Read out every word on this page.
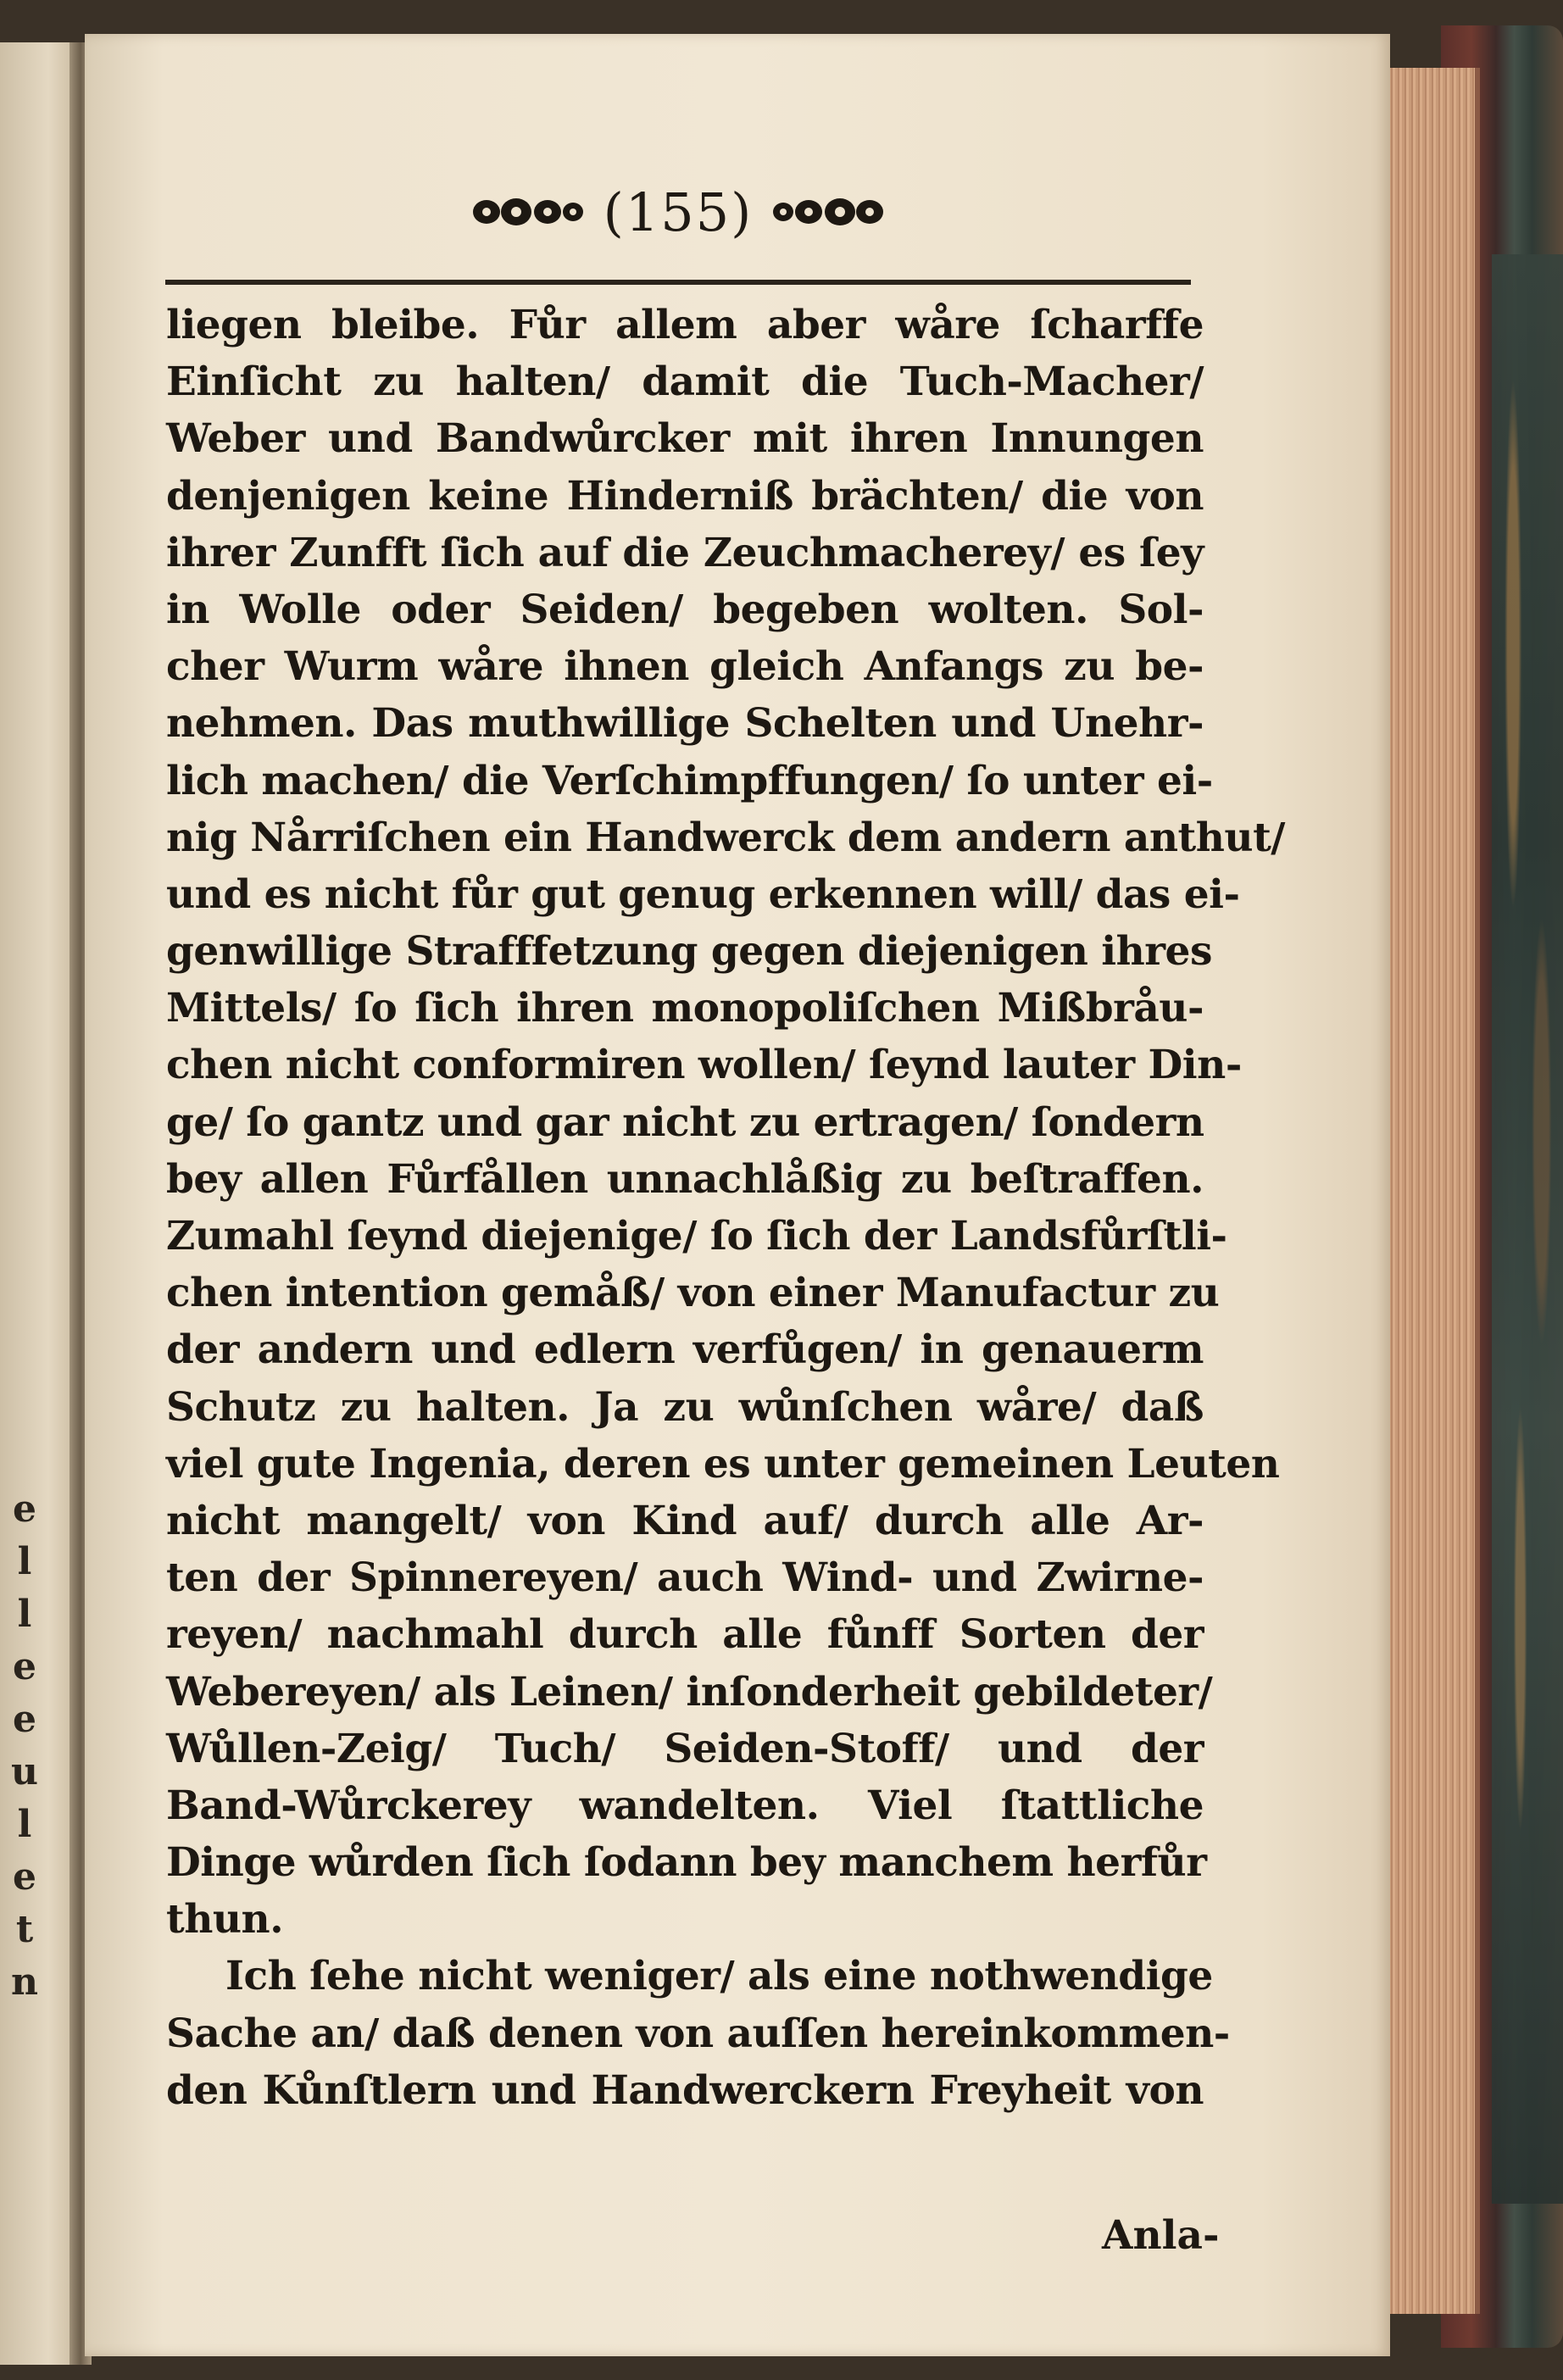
e
l
l
e
e
u
l
e
t
n
(155)
liegen bleibe. Fůr allem aber wåre ſcharffe
Einſicht zu halten/ damit die Tuch-Macher/
Weber und Bandwůrcker mit ihren Innungen
denjenigen keine Hinderniß brächten/ die von
ihrer Zunfft ſich auf die Zeuchmacherey/ es ſey
in Wolle oder Seiden/ begeben wolten. Sol-
cher Wurm wåre ihnen gleich Anfangs zu be-
nehmen. Das muthwillige Schelten und Unehr-
lich machen/ die Verſchimpffungen/ ſo unter ei-
nig Nårriſchen ein Handwerck dem andern anthut/
und es nicht fůr gut genug erkennen will/ das ei-
genwillige Strafffetzung gegen diejenigen ihres
Mittels/ ſo ſich ihren monopoliſchen Mißbråu-
chen nicht conformiren wollen/ ſeynd lauter Din-
ge/ ſo gantz und gar nicht zu ertragen/ ſondern
bey allen Fůrfållen unnachlåßig zu beſtraffen.
Zumahl ſeynd diejenige/ ſo ſich der Landsfůrſtli-
chen intention gemåß/ von einer Manufactur zu
der andern und edlern verfůgen/ in genauerm
Schutz zu halten. Ja zu wůnſchen wåre/ daß
viel gute Ingenia, deren es unter gemeinen Leuten
nicht mangelt/ von Kind auf/ durch alle Ar-
ten der Spinnereyen/ auch Wind- und Zwirne-
reyen/ nachmahl durch alle fůnff Sorten der
Webereyen/ als Leinen/ inſonderheit gebildeter/
Wůllen-Zeig/ Tuch/ Seiden-Stoff/ und der
Band-Wůrckerey wandelten. Viel ſtattliche
Dinge wůrden ſich ſodann bey manchem herfůr
thun.
Ich ſehe nicht weniger/ als eine nothwendige
Sache an/ daß denen von auſſen hereinkommen-
den Kůnſtlern und Handwerckern Freyheit von
Anla-
